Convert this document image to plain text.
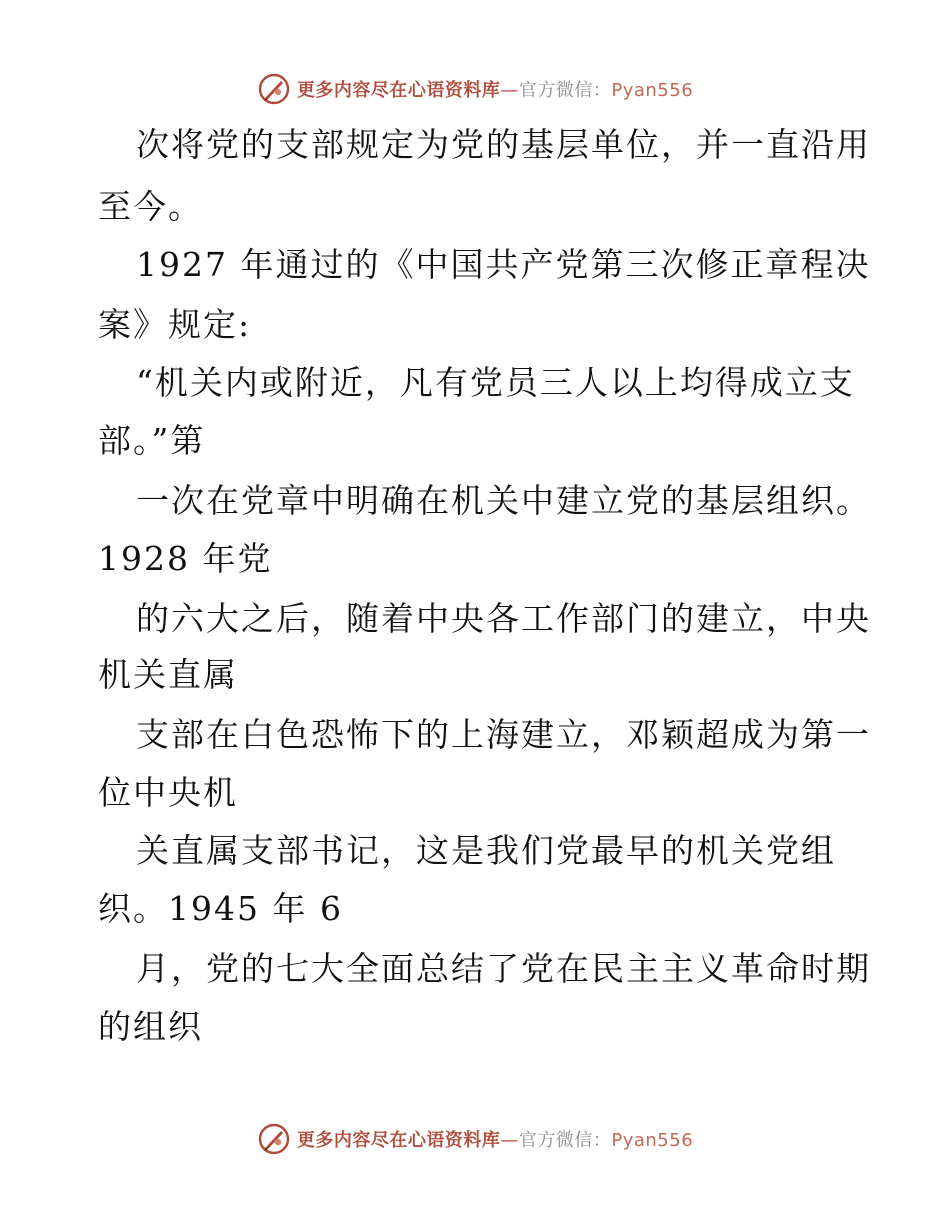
更多内容尽在心语资料库—官方微信：Pyan556
次将党的支部规定为党的基层单位，并一直沿用
至今。
1927 年通过的《中国共产党第三次修正章程决
案》规定:
“机关内或附近，凡有党员三人以上均得成立支
部。”第
一次在党章中明确在机关中建立党的基层组织。
1928 年党
的六大之后，随着中央各工作部门的建立，中央
机关直属
支部在白色恐怖下的上海建立，邓颖超成为第一
位中央机
关直属支部书记，这是我们党最早的机关党组
织。1945 年 6
月，党的七大全面总结了党在民主主义革命时期
的组织
更多内容尽在心语资料库—官方微信：Pyan556
